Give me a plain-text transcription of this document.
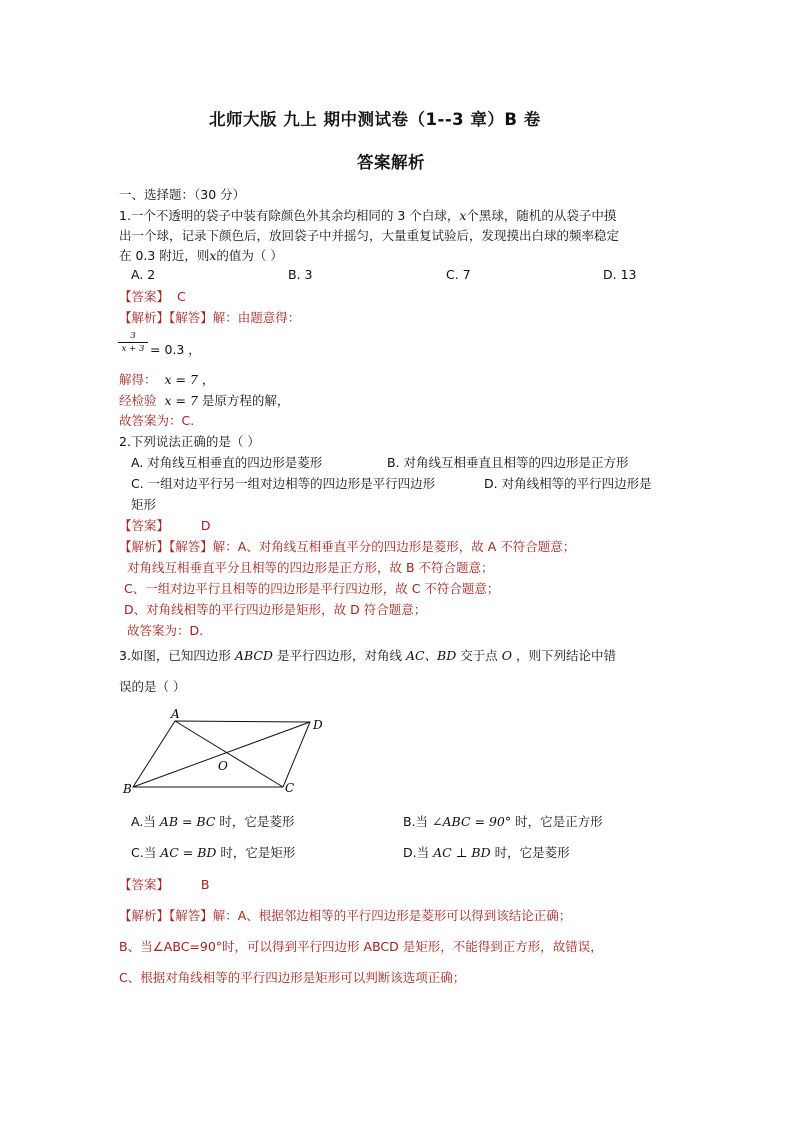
北师大版 九上 期中测试卷（1--3 章）B 卷
答案解析
一、选择题：（30 分）
1.一个不透明的袋子中装有除颜色外其余均相同的 3 个白球，x个黑球，随机的从袋子中摸
出一个球，记录下颜色后，放回袋子中并摇匀，大量重复试验后，发现摸出白球的频率稳定
在 0.3 附近，则x的值为（ ）
A. 2	B. 3	C. 7	D. 13
【答案】 C
【解析】【解答】解：由题意得：
3
x + 3 = 0.3 ，
解得： x = 7 ，
经检验 x = 7 是原方程的解，
故答案为：C.
2.下列说法正确的是（ ）
A. 对角线互相垂直的四边形是菱形	B. 对角线互相垂直且相等的四边形是正方形
C. 一组对边平行另一组对边相等的四边形是平行四边形	D. 对角线相等的平行四边形是
矩形
【答案】	D
【解析】【解答】解：A、对角线互相垂直平分的四边形是菱形，故 A 不符合题意；
对角线互相垂直平分且相等的四边形是正方形，故 B 不符合题意；
C、一组对边平行且相等的四边形是平行四边形，故 C 不符合题意；
D、对角线相等的平行四边形是矩形，故 D 符合题意；
故答案为：D.
3.如图，已知四边形 ABCD 是平行四边形，对角线 AC、BD 交于点 O ，则下列结论中错
误的是（ ）
A
D
B	C
O
A.当 AB = BC 时，它是菱形	B.当 ∠ABC = 90° 时，它是正方形
C.当 AC = BD 时，它是矩形	D.当 AC ⊥ BD 时，它是菱形
【答案】	B
【解析】【解答】解：A、根据邻边相等的平行四边形是菱形可以得到该结论正确；
B、当∠ABC=90°时，可以得到平行四边形 ABCD 是矩形，不能得到正方形，故错误，
C、根据对角线相等的平行四边形是矩形可以判断该选项正确；
